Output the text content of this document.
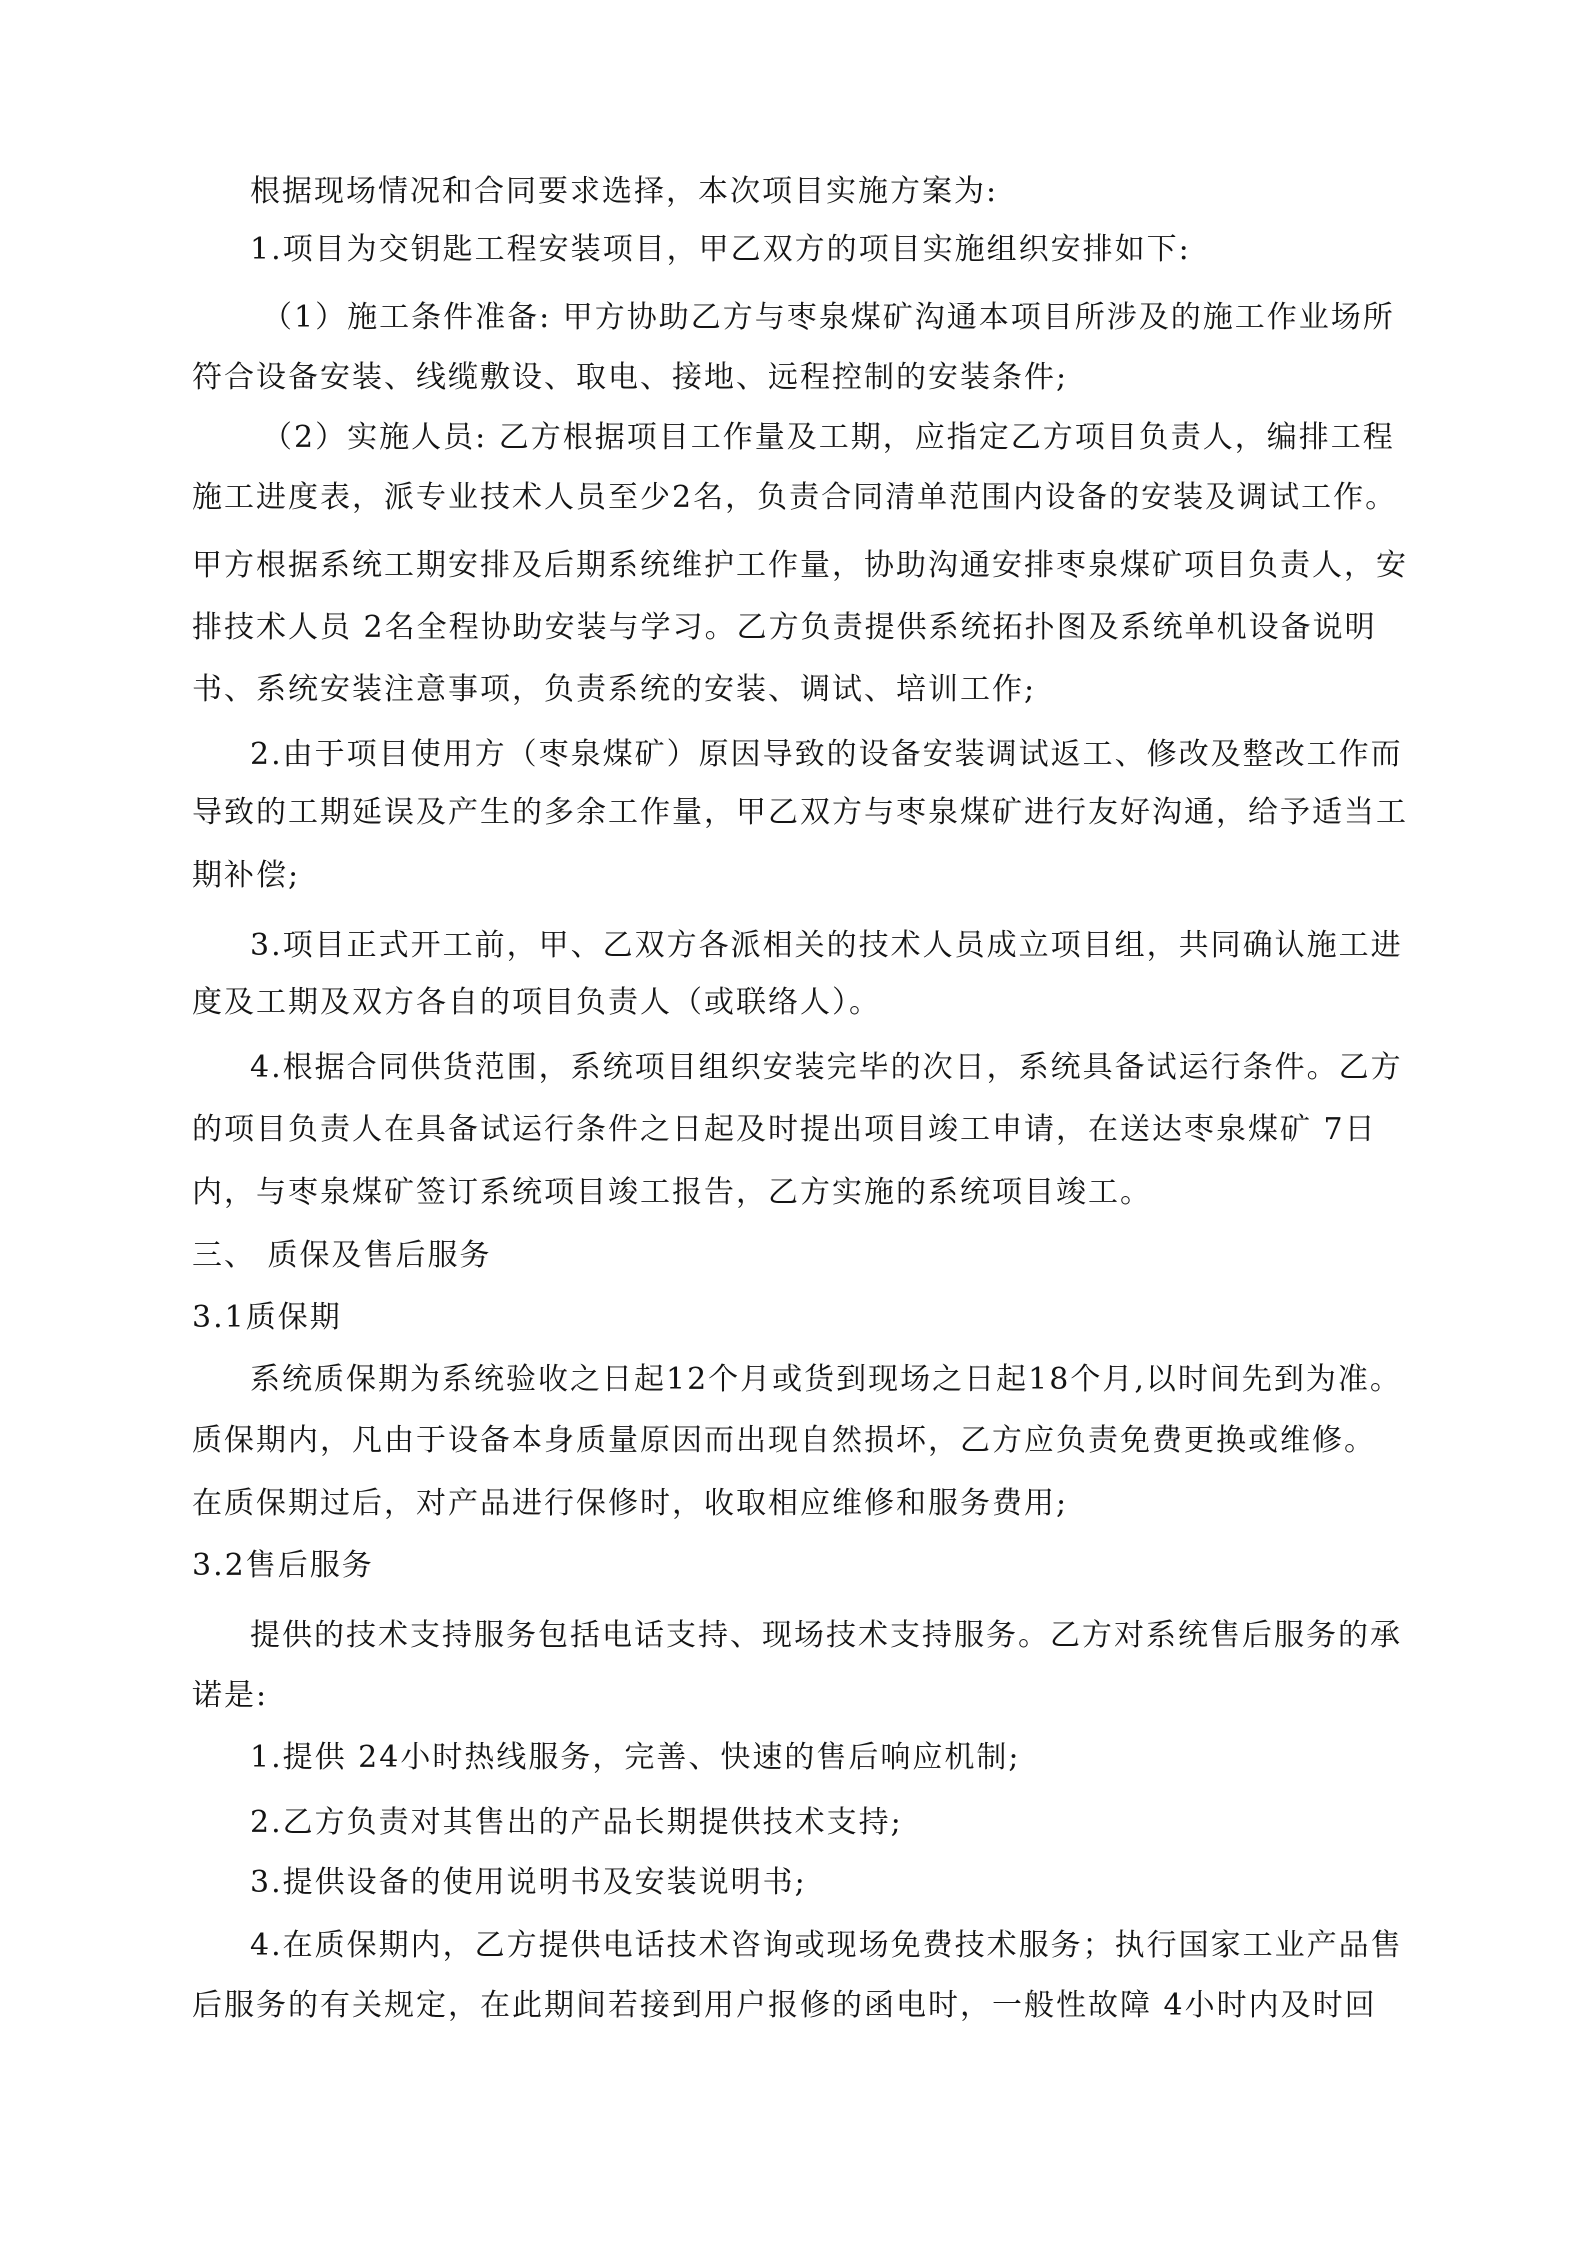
根据现场情况和合同要求选择，本次项目实施方案为:

1.项目为交钥匙工程安装项目，甲乙双方的项目实施组织安排如下:

（1）施工条件准备: 甲方协助乙方与枣泉煤矿沟通本项目所涉及的施工作业场所

符合设备安装、线缆敷设、取电、接地、远程控制的安装条件;

（2）实施人员: 乙方根据项目工作量及工期，应指定乙方项目负责人，编排工程

施工进度表，派专业技术人员至少2名，负责合同清单范围内设备的安装及调试工作。

甲方根据系统工期安排及后期系统维护工作量，协助沟通安排枣泉煤矿项目负责人，安

排技术人员 2名全程协助安装与学习。乙方负责提供系统拓扑图及系统单机设备说明

书、系统安装注意事项，负责系统的安装、调试、培训工作;

2.由于项目使用方（枣泉煤矿）原因导致的设备安装调试返工、修改及整改工作而

导致的工期延误及产生的多余工作量，甲乙双方与枣泉煤矿进行友好沟通，给予适当工

期补偿;

3.项目正式开工前，甲、乙双方各派相关的技术人员成立项目组，共同确认施工进

度及工期及双方各自的项目负责人（或联络人）。

4.根据合同供货范围，系统项目组织安装完毕的次日，系统具备试运行条件。乙方

的项目负责人在具备试运行条件之日起及时提出项目竣工申请，在送达枣泉煤矿 7日

内，与枣泉煤矿签订系统项目竣工报告，乙方实施的系统项目竣工。

三、 质保及售后服务

3.1质保期

系统质保期为系统验收之日起12个月或货到现场之日起18个月,以时间先到为准。

质保期内，凡由于设备本身质量原因而出现自然损坏，乙方应负责免费更换或维修。

在质保期过后，对产品进行保修时，收取相应维修和服务费用;

3.2售后服务

提供的技术支持服务包括电话支持、现场技术支持服务。乙方对系统售后服务的承

诺是:

1.提供 24小时热线服务，完善、快速的售后响应机制;

2.乙方负责对其售出的产品长期提供技术支持;

3.提供设备的使用说明书及安装说明书;

4.在质保期内，乙方提供电话技术咨询或现场免费技术服务；执行国家工业产品售

后服务的有关规定，在此期间若接到用户报修的函电时，一般性故障 4小时内及时回
